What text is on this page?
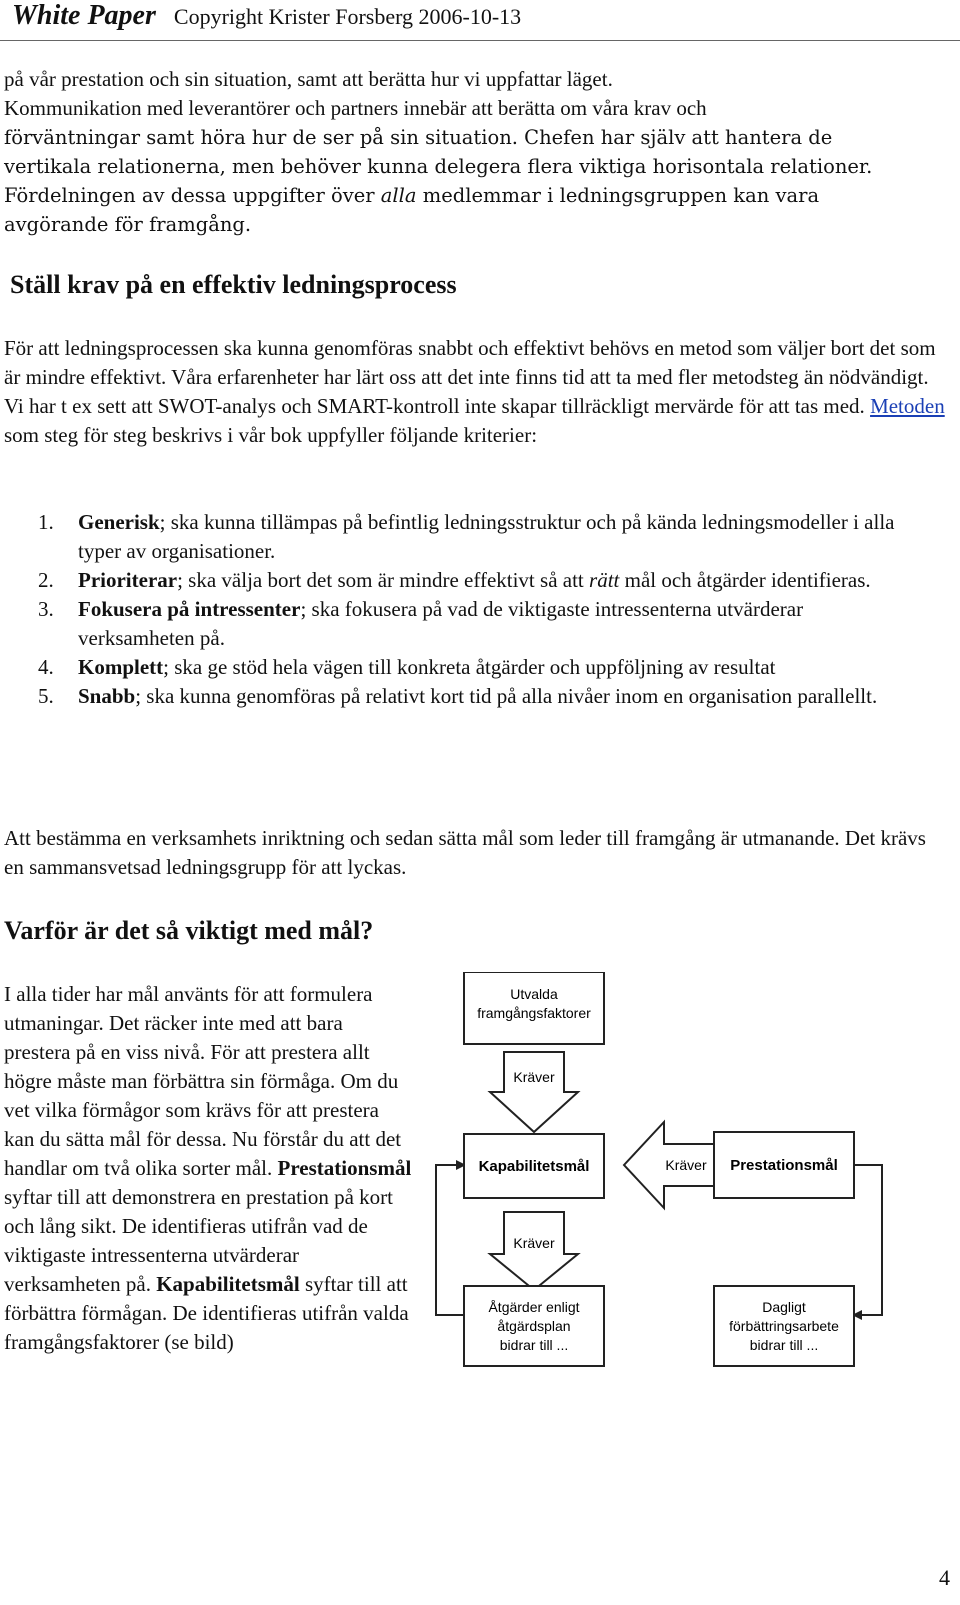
White Paper Copyright Krister Forsberg 2006-10-13
på vår prestation och sin situation, samt att berätta hur vi uppfattar läget.
Kommunikation med leverantörer och partners innebär att berätta om våra krav och
förväntningar samt höra hur de ser på sin situation. Chefen har själv att hantera de
vertikala relationerna, men behöver kunna delegera flera viktiga horisontala relationer.
Fördelningen av dessa uppgifter över alla medlemmar i ledningsgruppen kan vara
avgörande för framgång.
Ställ krav på en effektiv ledningsprocess

För att ledningsprocessen ska kunna genomföras snabbt och effektivt behövs en metod som väljer bort det som är mindre effektivt. Våra erfarenheter har lärt oss att det inte finns tid att ta med fler metodsteg än nödvändigt. Vi har t ex sett att SWOT-analys och SMART-kontroll inte skapar tillräckligt mervärde för att tas med. Metoden som steg för steg beskrivs i vår bok uppfyller följande kriterier:

1. Generisk; ska kunna tillämpas på befintlig ledningsstruktur och på kända ledningsmodeller i alla typer av organisationer.
2. Prioriterar; ska välja bort det som är mindre effektivt så att rätt mål och åtgärder identifieras.
3. Fokusera på intressenter; ska fokusera på vad de viktigaste intressenterna utvärderar verksamheten på.
4. Komplett; ska ge stöd hela vägen till konkreta åtgärder och uppföljning av resultat
5. Snabb; ska kunna genomföras på relativt kort tid på alla nivåer inom en organisation parallellt.

Att bestämma en verksamhets inriktning och sedan sätta mål som leder till framgång är utmanande. Det krävs en sammansvetsad ledningsgrupp för att lyckas.

Varför är det så viktigt med mål?

I alla tider har mål använts för att formulera utmaningar. Det räcker inte med att bara prestera på en viss nivå. För att prestera allt högre måste man förbättra sin förmåga. Om du vet vilka förmågor som krävs för att prestera kan du sätta mål för dessa. Nu förstår du att det handlar om två olika sorter mål. Prestationsmål syftar till att demonstrera en prestation på kort och lång sikt. De identifieras utifrån vad de viktigaste intressenterna utvärderar verksamheten på. Kapabilitetsmål syftar till att förbättra förmågan. De identifieras utifrån valda framgångsfaktorer (se bild)

Utvalda
framgångsfaktorer
Kräver
Kapabilitetsmål	Kräver Prestationsmål
Kräver
Åtgärder enligt
åtgärdsplan
bidrar till ...
Dagligt
förbättringsarbete
bidrar till ...
4
